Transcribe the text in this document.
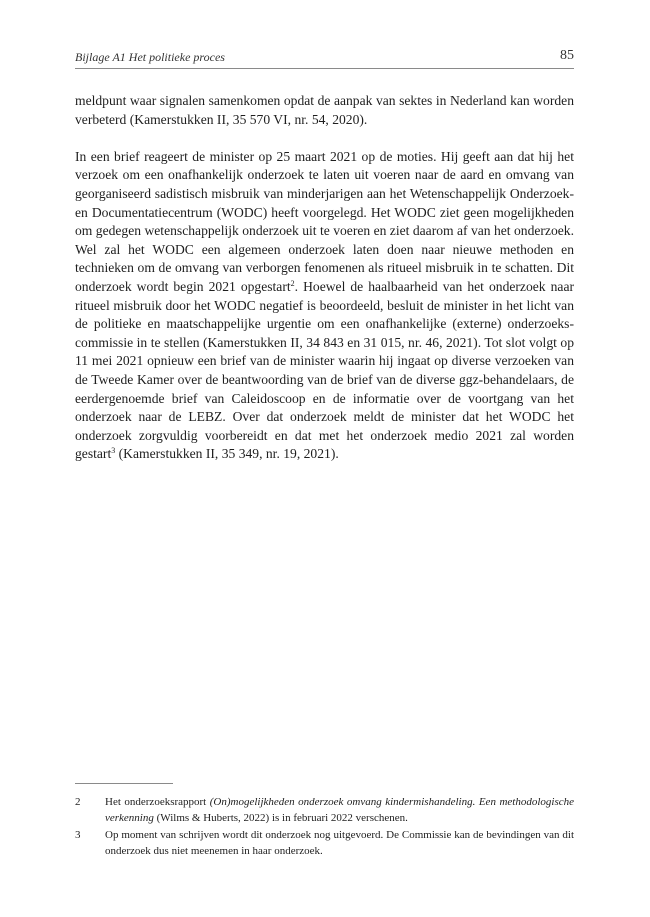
Bijlage A1 Het politieke proces	85

meldpunt waar signalen samenkomen opdat de aanpak van sektes in Nederland kan worden verbeterd (Kamerstukken II, 35 570 VI, nr. 54, 2020).

In een brief reageert de minister op 25 maart 2021 op de moties. Hij geeft aan dat hij het verzoek om een onafhankelijk onderzoek te laten uit voeren naar de aard en omvang van georganiseerd sadistisch misbruik van minderjarigen aan het Wetenschappelijk Onderzoek- en Documentatiecentrum (WODC) heeft voorgelegd. Het WODC ziet geen mogelijkheden om gedegen wetenschappelijk onderzoek uit te voeren en ziet daarom af van het onderzoek. Wel zal het WODC een algemeen onderzoek laten doen naar nieuwe methoden en technieken om de omvang van verborgen fenomenen als ritueel misbruik in te schatten. Dit onderzoek wordt begin 2021 opgestart$^2$. Hoewel de haalbaarheid van het onderzoek naar ritueel misbruik door het WODC negatief is beoordeeld, besluit de minister in het licht van de politieke en maatschappelijke urgentie om een onafhankelijke (externe) onderzoekscommissie in te stellen (Kamerstukken II, 34 843 en 31 015, nr. 46, 2021). Tot slot volgt op 11 mei 2021 opnieuw een brief van de minister waarin hij ingaat op diverse verzoeken van de Tweede Kamer over de beantwoording van de brief van de diverse ggz-behandelaars, de eerdergenoemde brief van Caleidoscoop en de informatie over de voortgang van het onderzoek naar de LEBZ. Over dat onderzoek meldt de minister dat het WODC het onderzoek zorgvuldig voorbereidt en dat met het onderzoek medio 2021 zal worden gestart$^3$ (Kamerstukken II, 35 349, nr. 19, 2021).

2	Het onderzoeksrapport (On)mogelijkheden onderzoek omvang kindermishandeling. Een methodologische verkenning (Wilms & Huberts, 2022) is in februari 2022 verschenen.
3	Op moment van schrijven wordt dit onderzoek nog uitgevoerd. De Commissie kan de bevindingen van dit onderzoek dus niet meenemen in haar onderzoek.
